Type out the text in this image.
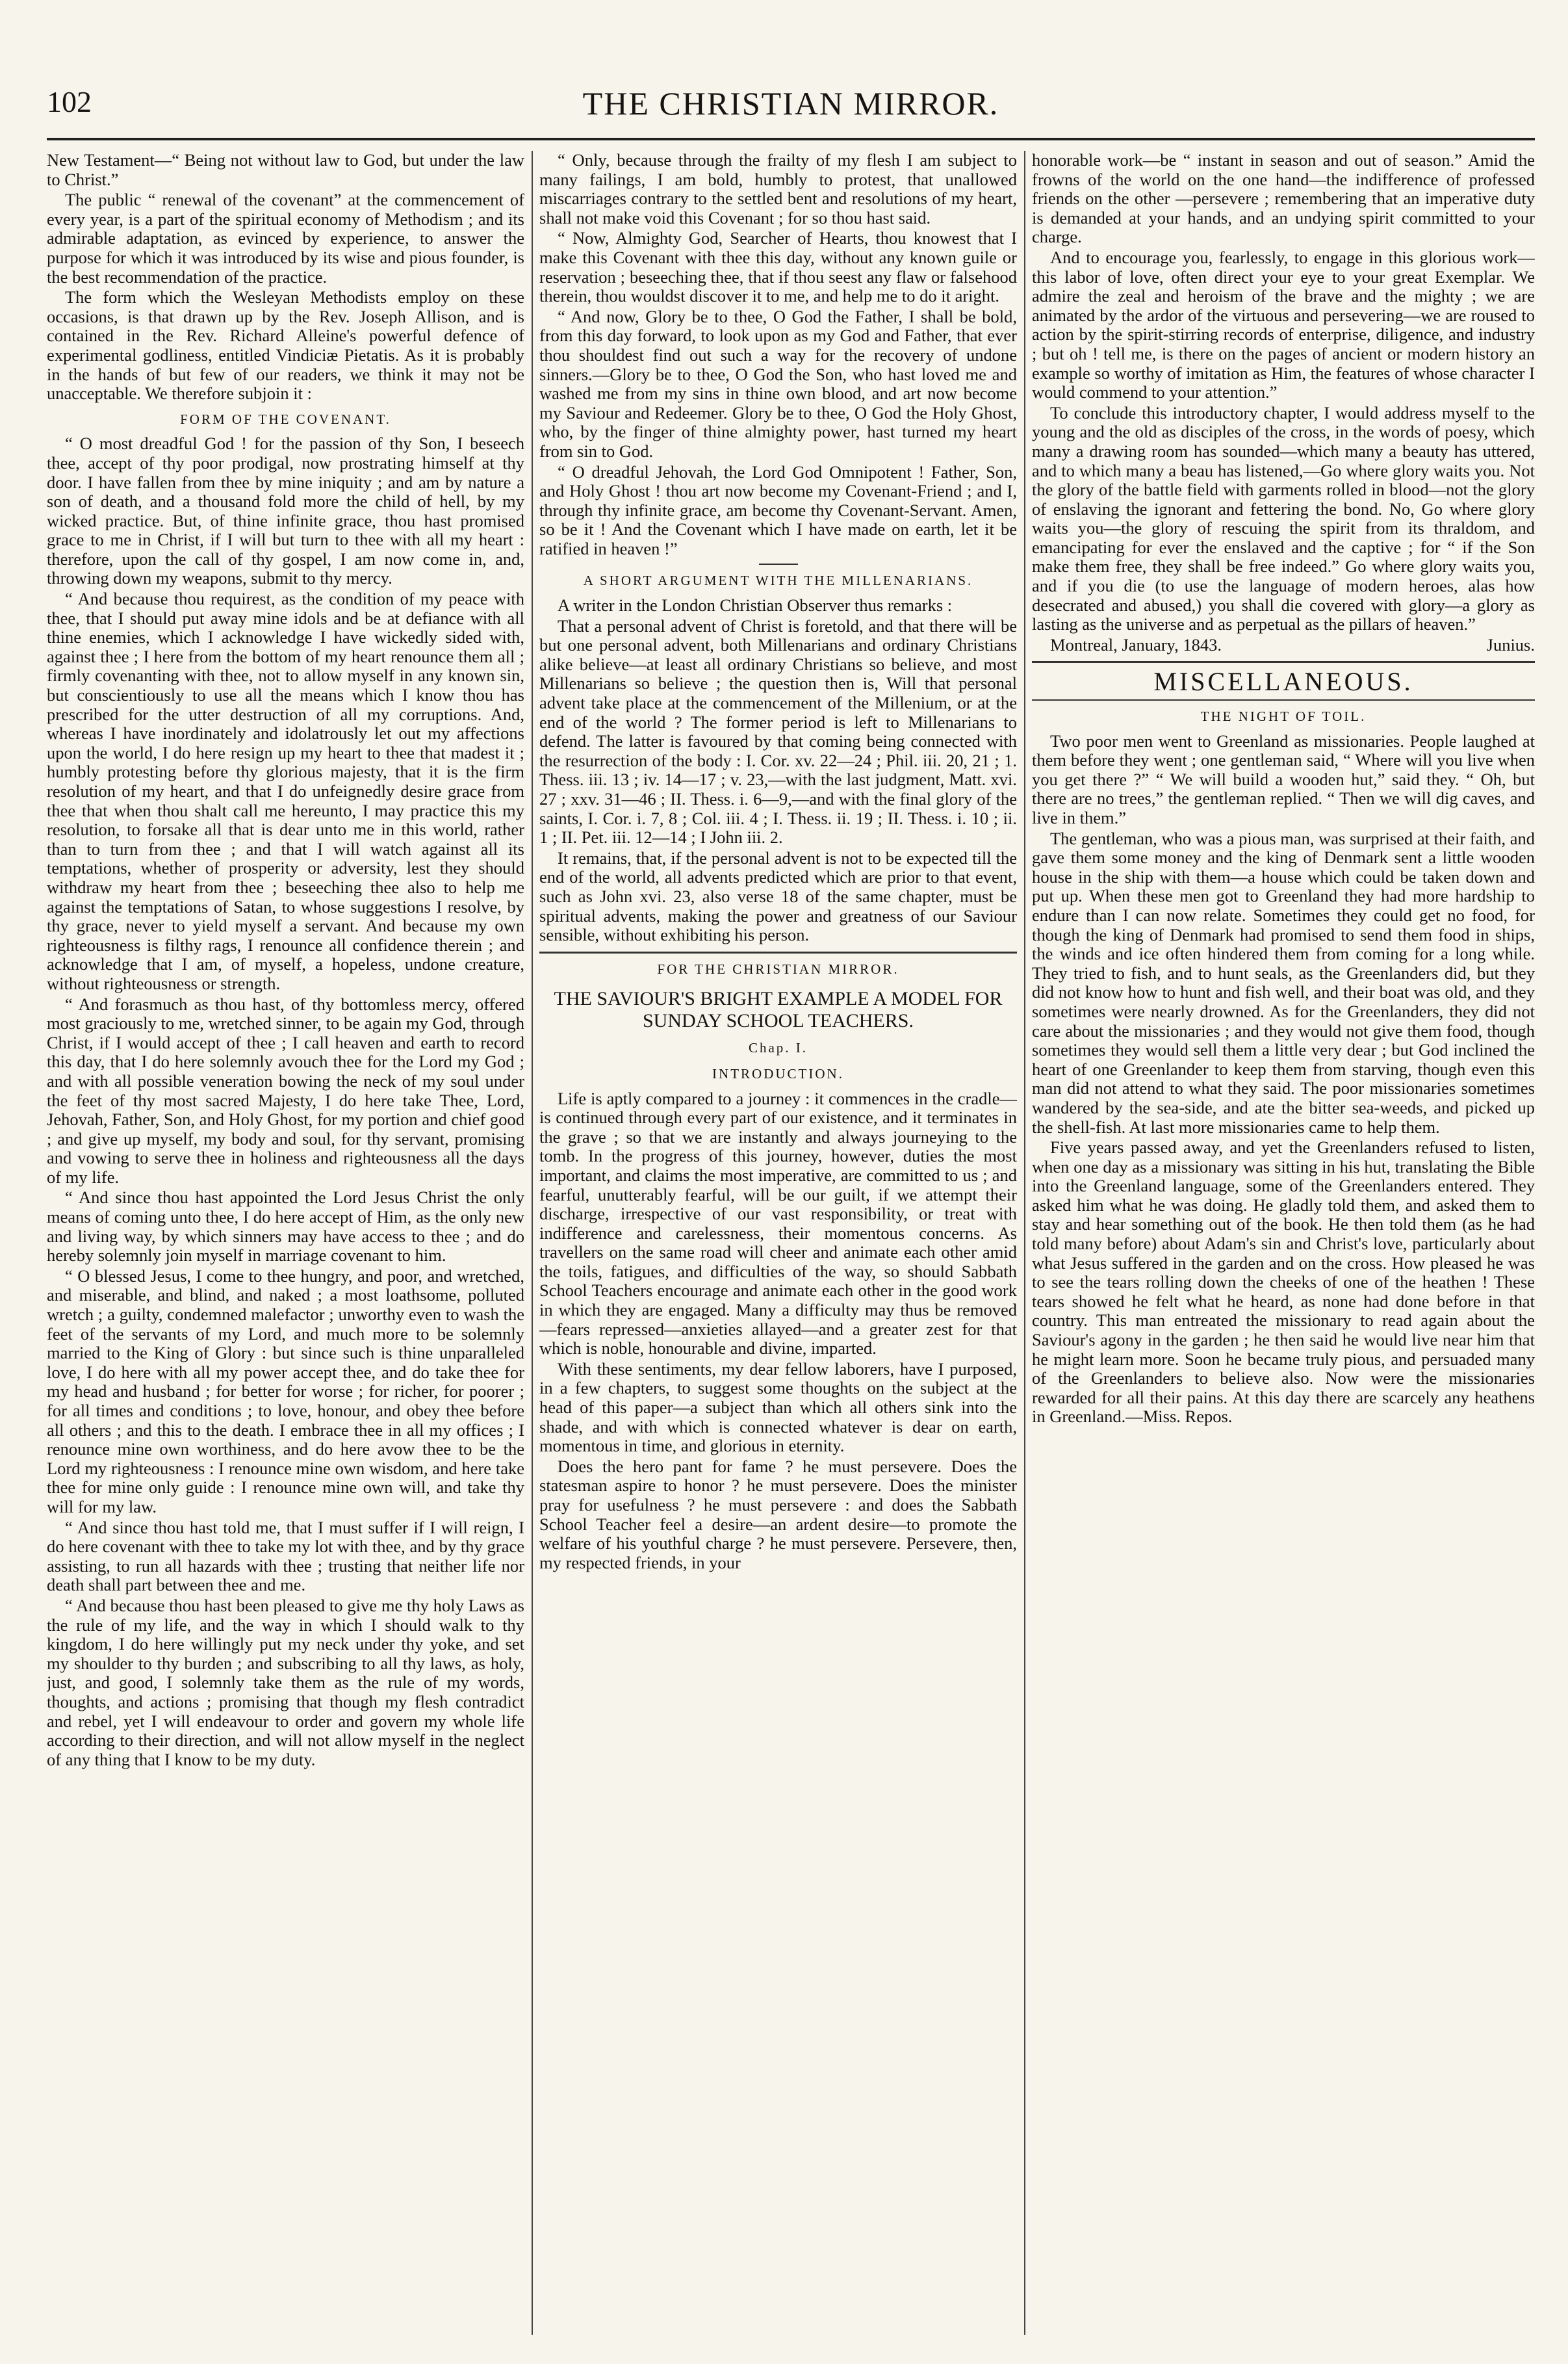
102	THE CHRISTIAN MIRROR.

New Testament—“ Being not without law to God, but under the law to Christ.”

The public “ renewal of the covenant” at the commencement of every year, is a part of the spiritual economy of Methodism ; and its admirable adaptation, as evinced by experience, to answer the purpose for which it was introduced by its wise and pious founder, is the best recommendation of the practice.

The form which the Wesleyan Methodists employ on these occasions, is that drawn up by the Rev. Joseph Allison, and is contained in the Rev. Richard Alleine's powerful defence of experimental godliness, entitled Vindiciæ Pietatis. As it is probably in the hands of but few of our readers, we think it may not be unacceptable. We therefore subjoin it :

FORM OF THE COVENANT.

“ O most dreadful God ! for the passion of thy Son, I beseech thee, accept of thy poor prodigal, now prostrating himself at thy door. I have fallen from thee by mine iniquity ; and am by nature a son of death, and a thousand fold more the child of hell, by my wicked practice. But, of thine infinite grace, thou hast promised grace to me in Christ, if I will but turn to thee with all my heart : therefore, upon the call of thy gospel, I am now come in, and, throwing down my weapons, submit to thy mercy.

“ And because thou requirest, as the condition of my peace with thee, that I should put away mine idols and be at defiance with all thine enemies, which I acknowledge I have wickedly sided with, against thee ; I here from the bottom of my heart renounce them all ; firmly covenanting with thee, not to allow myself in any known sin, but conscientiously to use all the means which I know thou has prescribed for the utter destruction of all my corruptions. And, whereas I have inordinately and idolatrously let out my affections upon the world, I do here resign up my heart to thee that madest it ; humbly protesting before thy glorious majesty, that it is the firm resolution of my heart, and that I do unfeignedly desire grace from thee that when thou shalt call me hereunto, I may practice this my resolution, to forsake all that is dear unto me in this world, rather than to turn from thee ; and that I will watch against all its temptations, whether of prosperity or adversity, lest they should withdraw my heart from thee ; beseeching thee also to help me against the temptations of Satan, to whose suggestions I resolve, by thy grace, never to yield myself a servant. And because my own righteousness is filthy rags, I renounce all confidence therein ; and acknowledge that I am, of myself, a hopeless, undone creature, without righteousness or strength.

“ And forasmuch as thou hast, of thy bottomless mercy, offered most graciously to me, wretched sinner, to be again my God, through Christ, if I would accept of thee ; I call heaven and earth to record this day, that I do here solemnly avouch thee for the Lord my God ; and with all possible veneration bowing the neck of my soul under the feet of thy most sacred Majesty, I do here take Thee, Lord, Jehovah, Father, Son, and Holy Ghost, for my portion and chief good ; and give up myself, my body and soul, for thy servant, promising and vowing to serve thee in holiness and righteousness all the days of my life.

“ And since thou hast appointed the Lord Jesus Christ the only means of coming unto thee, I do here accept of Him, as the only new and living way, by which sinners may have access to thee ; and do hereby solemnly join myself in marriage covenant to him.

“ O blessed Jesus, I come to thee hungry, and poor, and wretched, and miserable, and blind, and naked ; a most loathsome, polluted wretch ; a guilty, condemned malefactor ; unworthy even to wash the feet of the servants of my Lord, and much more to be solemnly married to the King of Glory : but since such is thine unparalleled love, I do here with all my power accept thee, and do take thee for my head and husband ; for better for worse ; for richer, for poorer ; for all times and conditions ; to love, honour, and obey thee before all others ; and this to the death. I embrace thee in all my offices ; I renounce mine own worthiness, and do here avow thee to be the Lord my righteousness : I renounce mine own wisdom, and here take thee for mine only guide : I renounce mine own will, and take thy will for my law.

“ And since thou hast told me, that I must suffer if I will reign, I do here covenant with thee to take my lot with thee, and by thy grace assisting, to run all hazards with thee ; trusting that neither life nor death shall part between thee and me.

“ And because thou hast been pleased to give me thy holy Laws as the rule of my life, and the way in which I should walk to thy kingdom, I do here willingly put my neck under thy yoke, and set my shoulder to thy burden ; and subscribing to all thy laws, as holy, just, and good, I solemnly take them as the rule of my words, thoughts, and actions ; promising that though my flesh contradict and rebel, yet I will endeavour to order and govern my whole life according to their direction, and will not allow myself in the neglect of any thing that I know to be my duty.

“ Only, because through the frailty of my flesh I am subject to many failings, I am bold, humbly to protest, that unallowed miscarriages contrary to the settled bent and resolutions of my heart, shall not make void this Covenant ; for so thou hast said.

“ Now, Almighty God, Searcher of Hearts, thou knowest that I make this Covenant with thee this day, without any known guile or reservation ; beseeching thee, that if thou seest any flaw or falsehood therein, thou wouldst discover it to me, and help me to do it aright.

“ And now, Glory be to thee, O God the Father, I shall be bold, from this day forward, to look upon as my God and Father, that ever thou shouldest find out such a way for the recovery of undone sinners.—Glory be to thee, O God the Son, who hast loved me and washed me from my sins in thine own blood, and art now become my Saviour and Redeemer. Glory be to thee, O God the Holy Ghost, who, by the finger of thine almighty power, hast turned my heart from sin to God.

“ O dreadful Jehovah, the Lord God Omnipotent ! Father, Son, and Holy Ghost ! thou art now become my Covenant-Friend ; and I, through thy infinite grace, am become thy Covenant-Servant. Amen, so be it ! And the Covenant which I have made on earth, let it be ratified in heaven !”

A SHORT ARGUMENT WITH THE MILLENARIANS.

A writer in the London Christian Observer thus remarks :

That a personal advent of Christ is foretold, and that there will be but one personal advent, both Millenarians and ordinary Christians alike believe—at least all ordinary Christians so believe, and most Millenarians so believe ; the question then is, Will that personal advent take place at the commencement of the Millenium, or at the end of the world ? The former period is left to Millenarians to defend. The latter is favoured by that coming being connected with the resurrection of the body : I. Cor. xv. 22—24 ; Phil. iii. 20, 21 ; 1. Thess. iii. 13 ; iv. 14—17 ; v. 23,—with the last judgment, Matt. xvi. 27 ; xxv. 31—46 ; II. Thess. i. 6—9,—and with the final glory of the saints, I. Cor. i. 7, 8 ; Col. iii. 4 ; I. Thess. ii. 19 ; II. Thess. i. 10 ; ii. 1 ; II. Pet. iii. 12—14 ; I John iii. 2.

It remains, that, if the personal advent is not to be expected till the end of the world, all advents predicted which are prior to that event, such as John xvi. 23, also verse 18 of the same chapter, must be spiritual advents, making the power and greatness of our Saviour sensible, without exhibiting his person.

FOR THE CHRISTIAN MIRROR.
THE SAVIOUR'S BRIGHT EXAMPLE A MODEL FOR SUNDAY SCHOOL TEACHERS.
Chap. I.
INTRODUCTION.

Life is aptly compared to a journey : it commences in the cradle—is continued through every part of our existence, and it terminates in the grave ; so that we are instantly and always journeying to the tomb. In the progress of this journey, however, duties the most important, and claims the most imperative, are committed to us ; and fearful, unutterably fearful, will be our guilt, if we attempt their discharge, irrespective of our vast responsibility, or treat with indifference and carelessness, their momentous concerns. As travellers on the same road will cheer and animate each other amid the toils, fatigues, and difficulties of the way, so should Sabbath School Teachers encourage and animate each other in the good work in which they are engaged. Many a difficulty may thus be removed—fears repressed—anxieties allayed—and a greater zest for that which is noble, honourable and divine, imparted.

With these sentiments, my dear fellow laborers, have I purposed, in a few chapters, to suggest some thoughts on the subject at the head of this paper—a subject than which all others sink into the shade, and with which is connected whatever is dear on earth, momentous in time, and glorious in eternity.

Does the hero pant for fame ? he must persevere. Does the statesman aspire to honor ? he must persevere. Does the minister pray for usefulness ? he must persevere : and does the Sabbath School Teacher feel a desire—an ardent desire—to promote the welfare of his youthful charge ? he must persevere. Persevere, then, my respected friends, in your

honorable work—be “ instant in season and out of season.” Amid the frowns of the world on the one hand—the indifference of professed friends on the other —persevere ; remembering that an imperative duty is demanded at your hands, and an undying spirit committed to your charge.

And to encourage you, fearlessly, to engage in this glorious work—this labor of love, often direct your eye to your great Exemplar. We admire the zeal and heroism of the brave and the mighty ; we are animated by the ardor of the virtuous and persevering—we are roused to action by the spirit-stirring records of enterprise, diligence, and industry ; but oh ! tell me, is there on the pages of ancient or modern history an example so worthy of imitation as Him, the features of whose character I would commend to your attention.”

To conclude this introductory chapter, I would address myself to the young and the old as disciples of the cross, in the words of poesy, which many a drawing room has sounded—which many a beauty has uttered, and to which many a beau has listened,—Go where glory waits you. Not the glory of the battle field with garments rolled in blood—not the glory of enslaving the ignorant and fettering the bond. No, Go where glory waits you—the glory of rescuing the spirit from its thraldom, and emancipating for ever the enslaved and the captive ; for “ if the Son make them free, they shall be free indeed.” Go where glory waits you, and if you die (to use the language of modern heroes, alas how desecrated and abused,) you shall die covered with glory—a glory as lasting as the universe and as perpetual as the pillars of heaven.”

Montreal, January, 1843.	Junius.
MISCELLANEOUS.
THE NIGHT OF TOIL.

Two poor men went to Greenland as missionaries. People laughed at them before they went ; one gentleman said, “ Where will you live when you get there ?” “ We will build a wooden hut,” said they. “ Oh, but there are no trees,” the gentleman replied. “ Then we will dig caves, and live in them.”

The gentleman, who was a pious man, was surprised at their faith, and gave them some money and the king of Denmark sent a little wooden house in the ship with them—a house which could be taken down and put up. When these men got to Greenland they had more hardship to endure than I can now relate. Sometimes they could get no food, for though the king of Denmark had promised to send them food in ships, the winds and ice often hindered them from coming for a long while. They tried to fish, and to hunt seals, as the Greenlanders did, but they did not know how to hunt and fish well, and their boat was old, and they sometimes were nearly drowned. As for the Greenlanders, they did not care about the missionaries ; and they would not give them food, though sometimes they would sell them a little very dear ; but God inclined the heart of one Greenlander to keep them from starving, though even this man did not attend to what they said. The poor missionaries sometimes wandered by the sea-side, and ate the bitter sea-weeds, and picked up the shell-fish. At last more missionaries came to help them.

Five years passed away, and yet the Greenlanders refused to listen, when one day as a missionary was sitting in his hut, translating the Bible into the Greenland language, some of the Greenlanders entered. They asked him what he was doing. He gladly told them, and asked them to stay and hear something out of the book. He then told them (as he had told many before) about Adam's sin and Christ's love, particularly about what Jesus suffered in the garden and on the cross. How pleased he was to see the tears rolling down the cheeks of one of the heathen ! These tears showed he felt what he heard, as none had done before in that country. This man entreated the missionary to read again about the Saviour's agony in the garden ; he then said he would live near him that he might learn more. Soon he became truly pious, and persuaded many of the Greenlanders to believe also. Now were the missionaries rewarded for all their pains. At this day there are scarcely any heathens in Greenland.—Miss. Repos.
